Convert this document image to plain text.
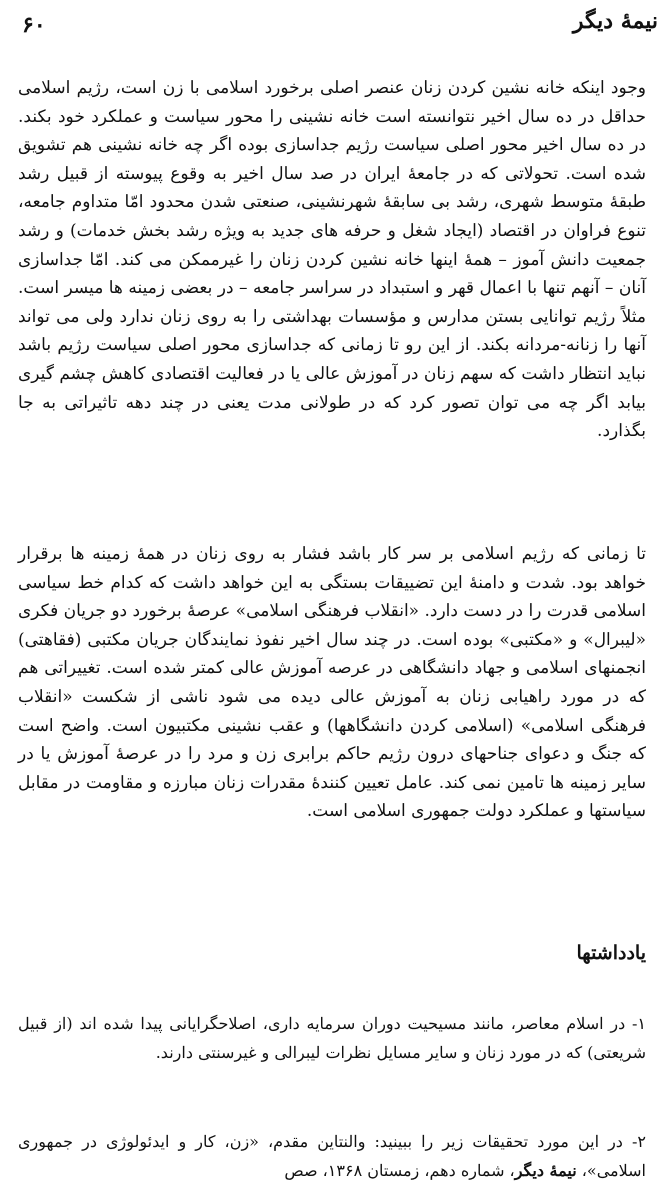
نیمهٔ دیگر
۶۰

وجود اینکه خانه نشین کردن زنان عنصر اصلی برخورد اسلامی با زن است، رژیم اسلامی حداقل در ده سال اخیر نتوانسته است خانه نشینی را محور سیاست و عملکرد خود بکند. در ده سال اخیر محور اصلی سیاست رژیم جداسازی بوده اگر چه خانه نشینی هم تشویق شده است. تحولاتی که در جامعهٔ ایران در صد سال اخیر به وقوع پیوسته از قبیل رشد طبقهٔ متوسط شهری، رشد بی سابقهٔ شهرنشینی، صنعتی شدن محدود امّا متداوم جامعه، تنوع فراوان در اقتصاد (ایجاد شغل و حرفه های جدید به ویژه رشد بخش خدمات) و رشد جمعیت دانش آموز – همهٔ اینها خانه نشین کردن زنان را غیرممکن می کند. امّا جداسازی آنان – آنهم تنها با اعمال قهر و استبداد در سراسر جامعه – در بعضی زمینه ها میسر است. مثلاً رژیم توانایی بستن مدارس و مؤسسات بهداشتی را به روی زنان ندارد ولی می تواند آنها را زنانه-مردانه بکند. از این رو تا زمانی که جداسازی محور اصلی سیاست رژیم باشد نباید انتظار داشت که سهم زنان در آموزش عالی یا در فعالیت اقتصادی کاهش چشم گیری بیابد اگر چه می توان تصور کرد که در طولانی مدت یعنی در چند دهه تاثیراتی به جا بگذارد.

تا زمانی که رژیم اسلامی بر سر کار باشد فشار به روی زنان در همهٔ زمینه ها برقرار خواهد بود. شدت و دامنهٔ این تضییقات بستگی به این خواهد داشت که کدام خط سیاسی اسلامی قدرت را در دست دارد. «انقلاب فرهنگی اسلامی» عرصهٔ برخورد دو جریان فکری «لیبرال» و «مکتبی» بوده است. در چند سال اخیر نفوذ نمایندگان جریان مکتبی (فقاهتی) انجمنهای اسلامی و جهاد دانشگاهی در عرصه آموزش عالی کمتر شده است. تغییراتی هم که در مورد راهیابی زنان به آموزش عالی دیده می شود ناشی از شکست «انقلاب فرهنگی اسلامی» (اسلامی کردن دانشگاهها) و عقب نشینی مکتبیون است. واضح است که جنگ و دعوای جناحهای درون رژیم حاکم برابری زن و مرد را در عرصهٔ آموزش یا در سایر زمینه ها تامین نمی کند. عامل تعیین کنندهٔ مقدرات زنان مبارزه و مقاومت در مقابل سیاستها و عملکرد دولت جمهوری اسلامی است.

یادداشتها

۱- در اسلام معاصر، مانند مسیحیت دوران سرمایه داری، اصلاحگرایانی پیدا شده اند (از قبیل شریعتی) که در مورد زنان و سایر مسایل نظرات لیبرالی و غیرسنتی دارند.

۲- در این مورد تحقیقات زیر را ببینید: والنتاین مقدم، «زن، کار و ایدئولوژی در جمهوری اسلامی»، نیمهٔ دیگر، شماره دهم، زمستان ۱۳۶۸، صص
